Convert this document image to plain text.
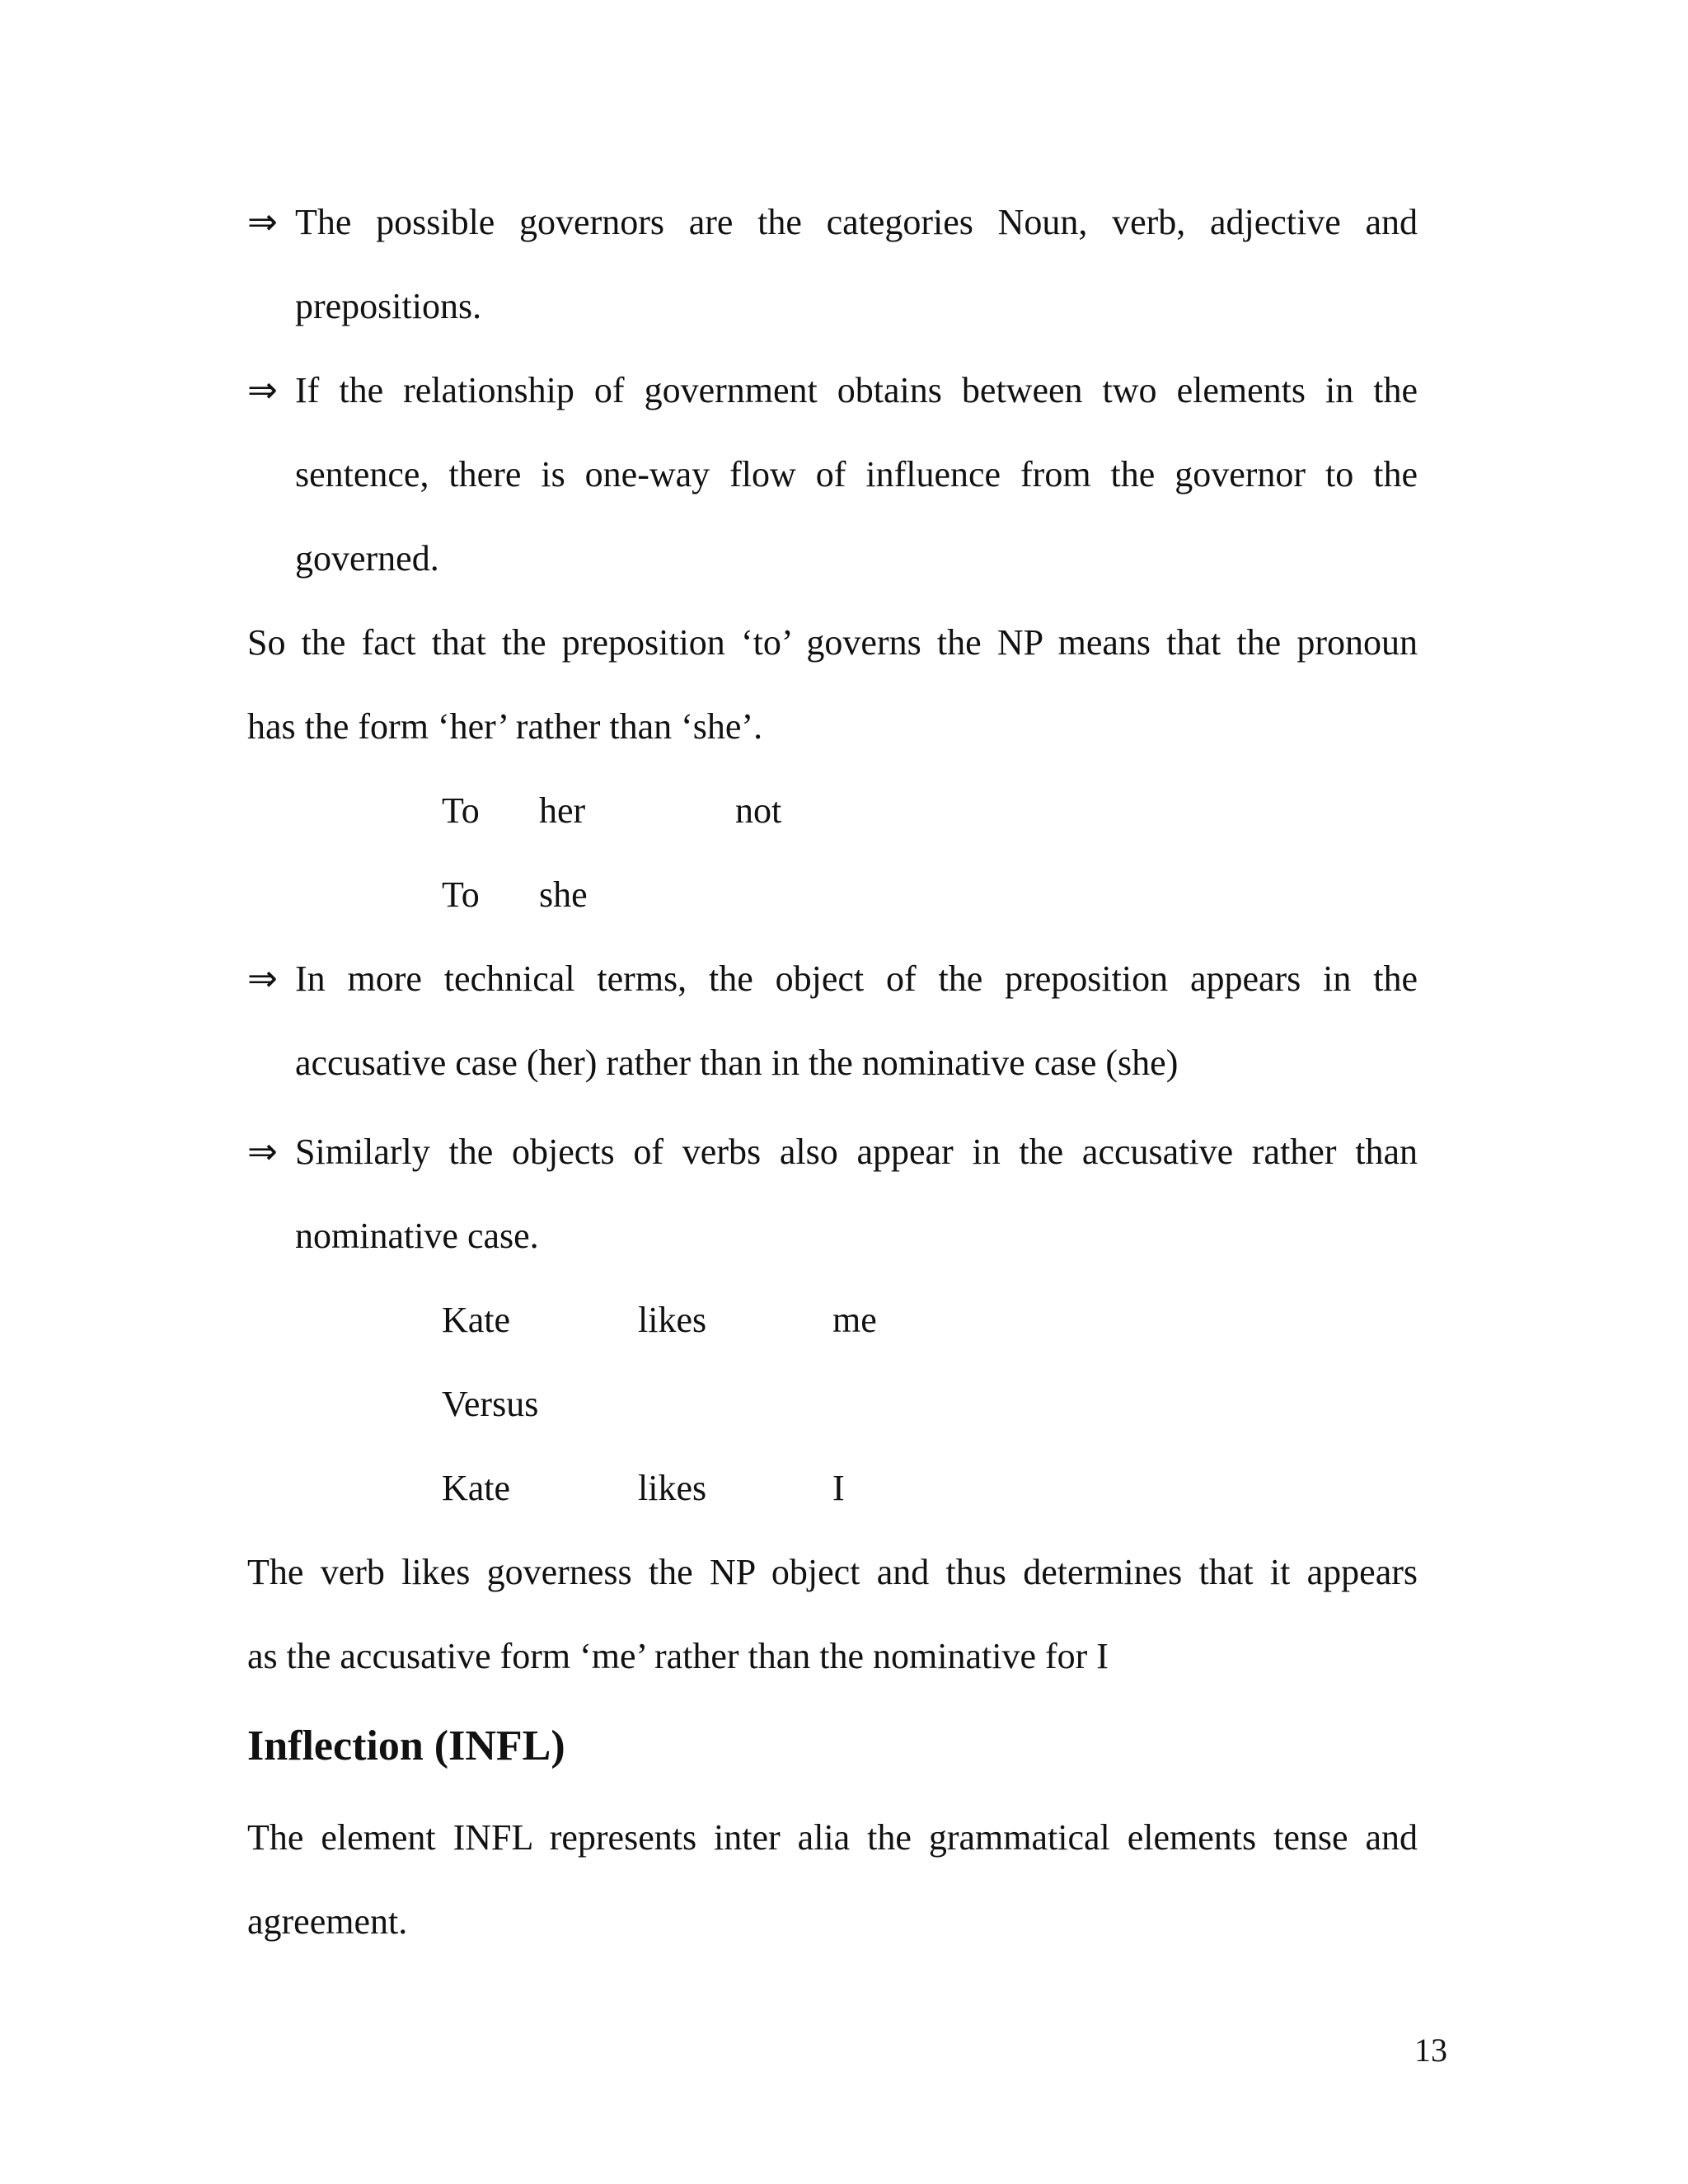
⇒ The possible governors are the categories Noun, verb, adjective and
prepositions.
⇒ If the relationship of government obtains between two elements in the
sentence, there is one-way flow of influence from the governor to the
governed.
So the fact that the preposition ‘to’ governs the NP means that the pronoun
has the form ‘her’ rather than ‘she’.
To her	not
To she
⇒ In more technical terms, the object of the preposition appears in the
accusative case (her) rather than in the nominative case (she)
⇒ Similarly the objects of verbs also appear in the accusative rather than
nominative case.
Kate	likes	me
Versus
Kate	likes	I
The verb likes governess the NP object and thus determines that it appears
as the accusative form ‘me’ rather than the nominative for I
Inflection (INFL)
The element INFL represents inter alia the grammatical elements tense and
agreement.
13
